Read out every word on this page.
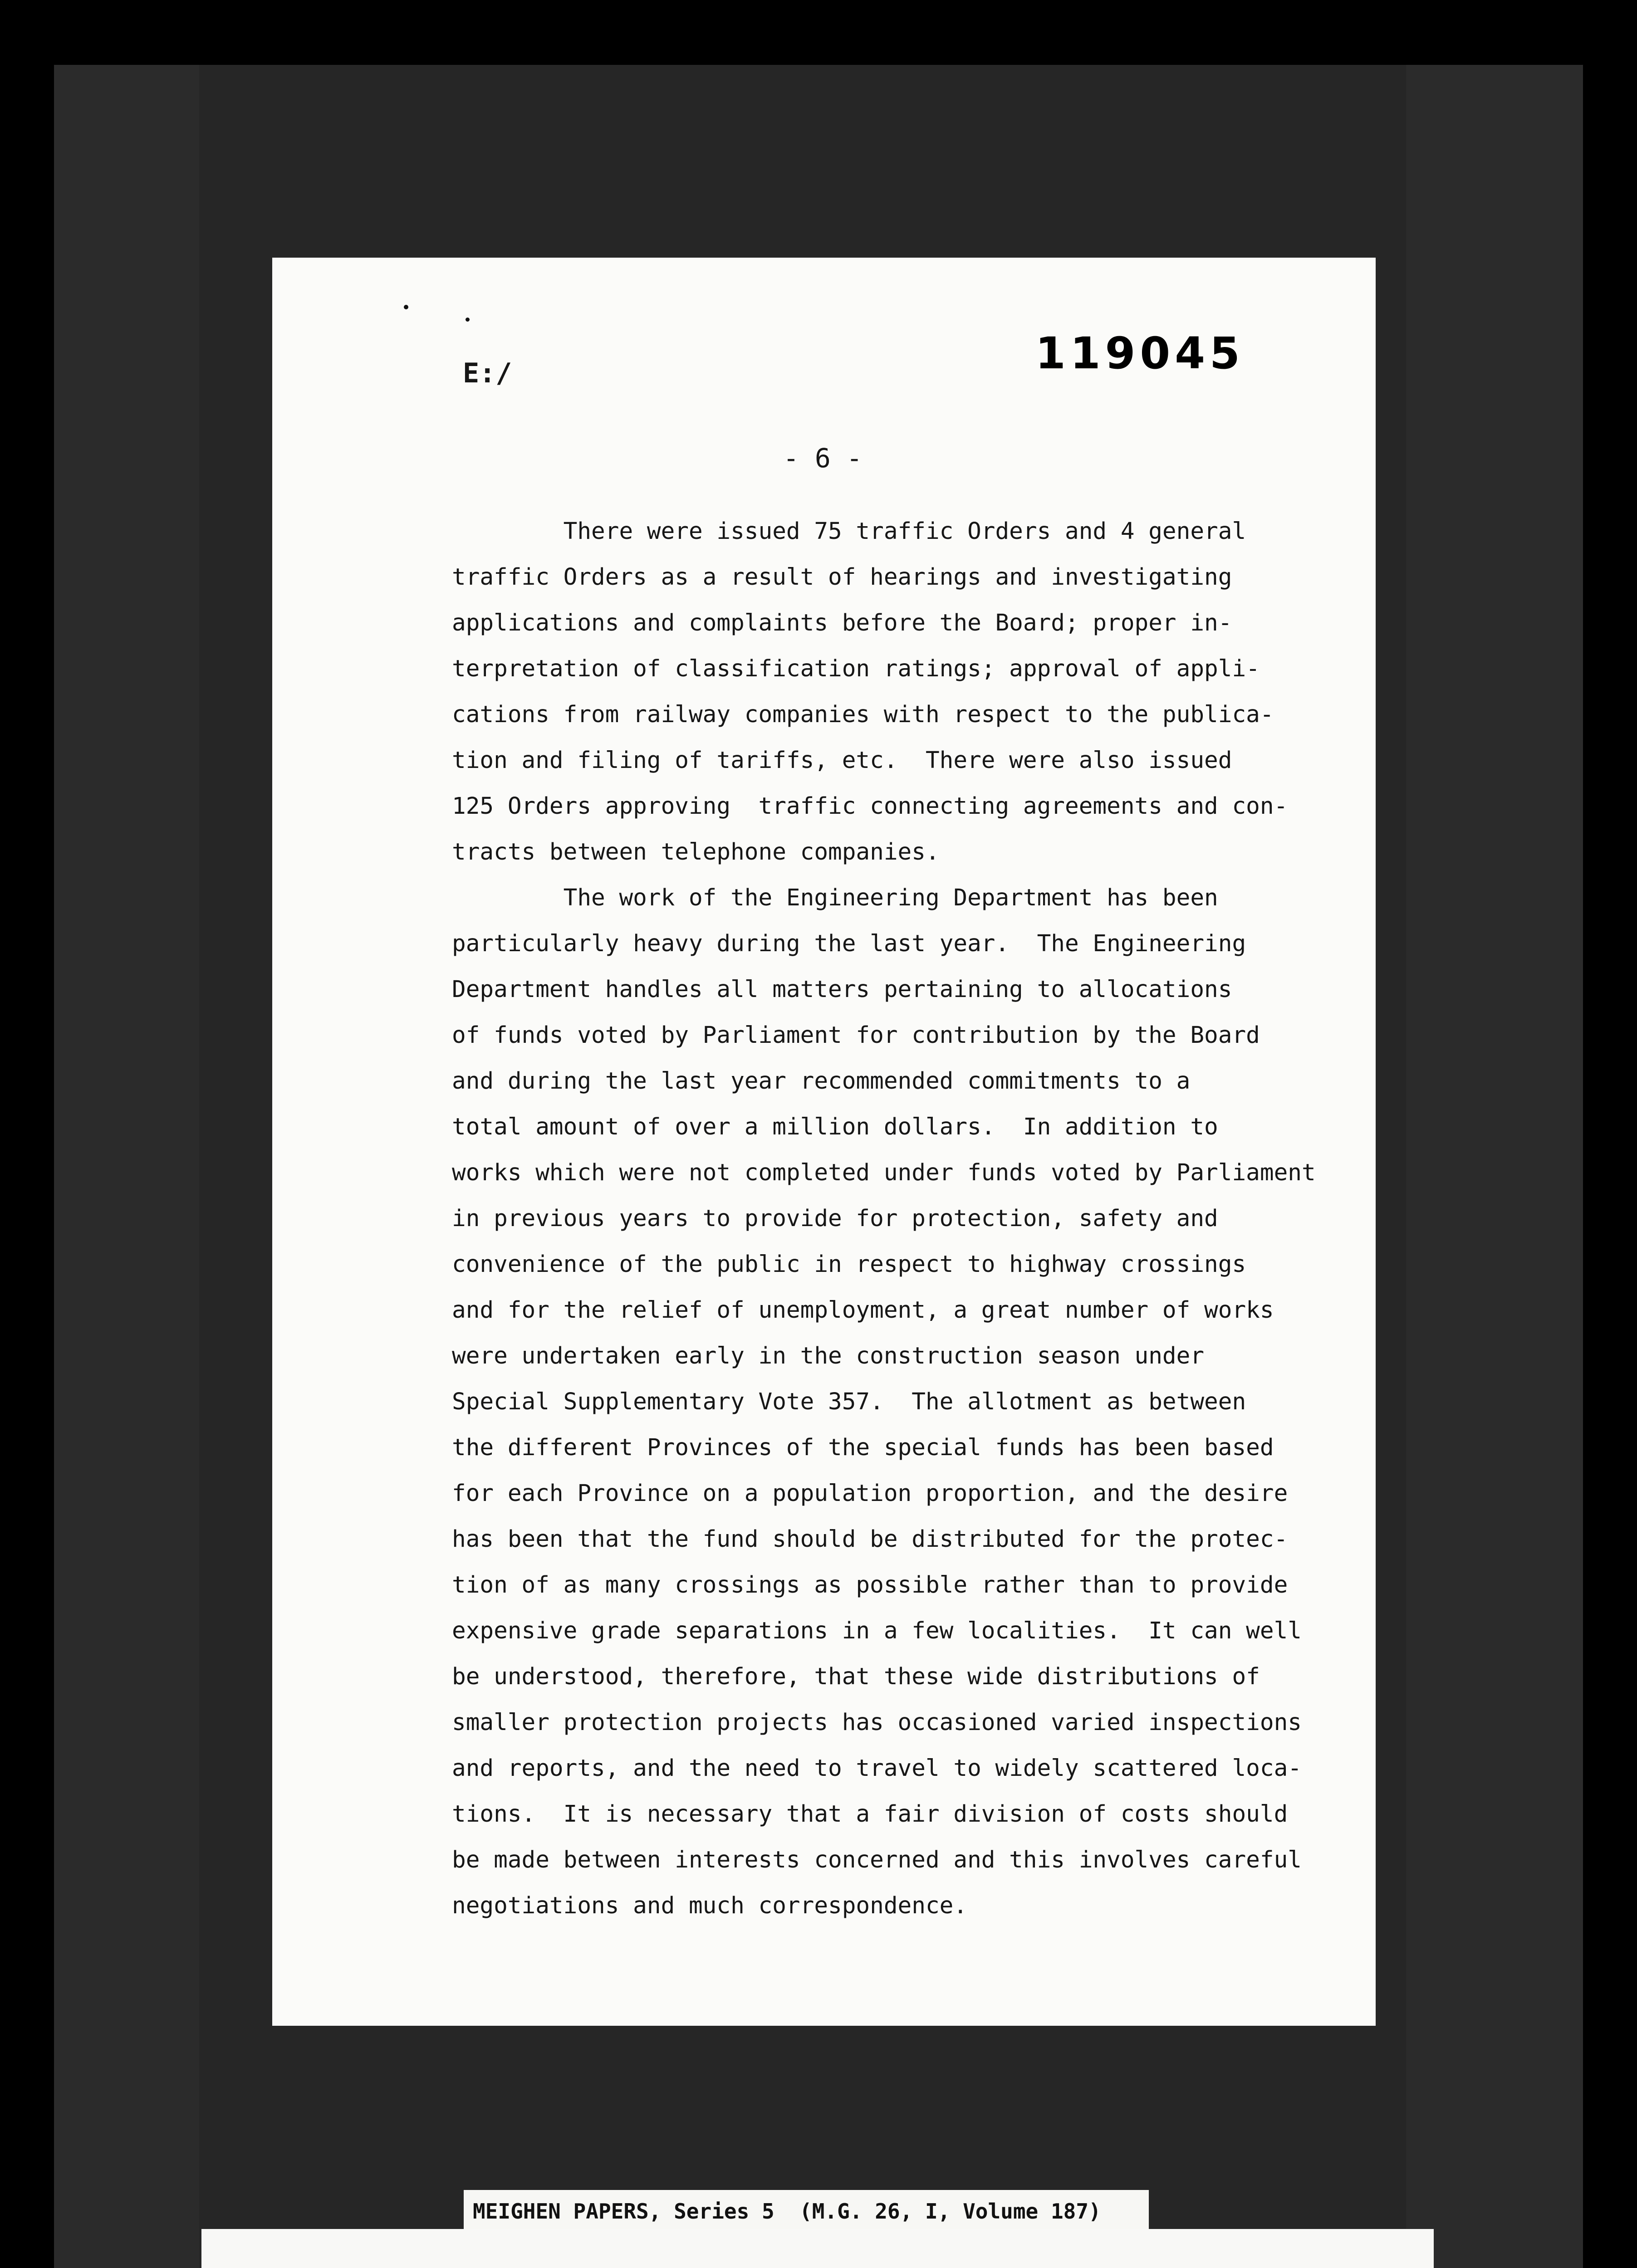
E:/	119045
- 6 -
There were issued 75 traffic Orders and 4 general
traffic Orders as a result of hearings and investigating
applications and complaints before the Board; proper in-
terpretation of classification ratings; approval of appli-
cations from railway companies with respect to the publica-
tion and filing of tariffs, etc.  There were also issued
125 Orders approving  traffic connecting agreements and con-
tracts between telephone companies.
The work of the Engineering Department has been
particularly heavy during the last year.  The Engineering
Department handles all matters pertaining to allocations
of funds voted by Parliament for contribution by the Board
and during the last year recommended commitments to a
total amount of over a million dollars.  In addition to
works which were not completed under funds voted by Parliament
in previous years to provide for protection, safety and
convenience of the public in respect to highway crossings
and for the relief of unemployment, a great number of works
were undertaken early in the construction season under
Special Supplementary Vote 357.  The allotment as between
the different Provinces of the special funds has been based
for each Province on a population proportion, and the desire
has been that the fund should be distributed for the protec-
tion of as many crossings as possible rather than to provide
expensive grade separations in a few localities.  It can well
be understood, therefore, that these wide distributions of
smaller protection projects has occasioned varied inspections
and reports, and the need to travel to widely scattered loca-
tions.  It is necessary that a fair division of costs should
be made between interests concerned and this involves careful
negotiations and much correspondence.
MEIGHEN PAPERS, Series 5  (M.G. 26, I, Volume 187)
